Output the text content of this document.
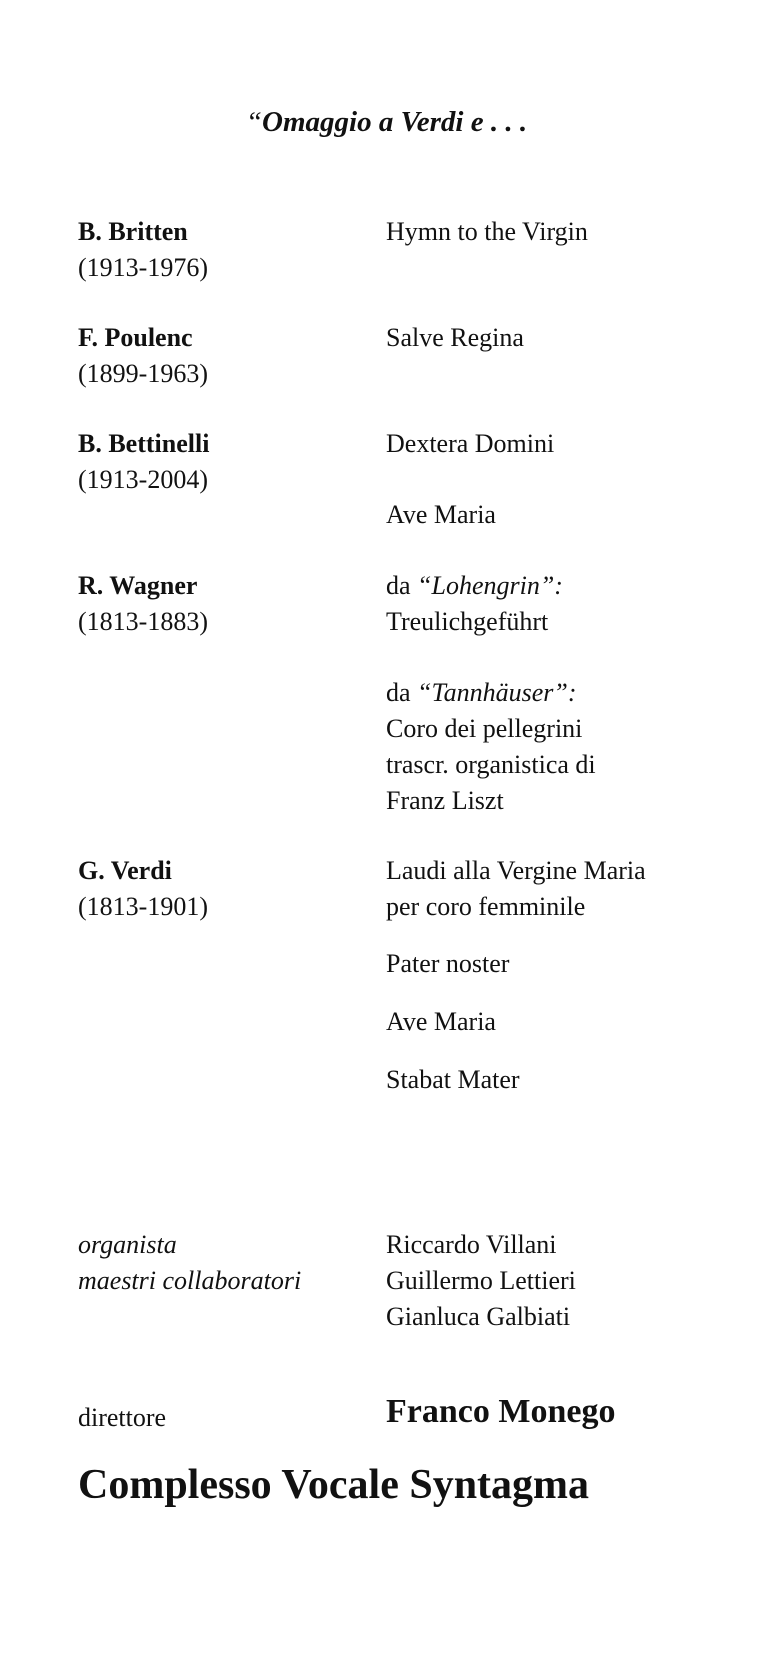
“Omaggio a Verdi e . . .
B. Britten
(1913-1976)
Hymn to the Virgin
F. Poulenc
(1899-1963)
Salve Regina
B. Bettinelli
(1913-2004)
Dextera Domini
Ave Maria
R. Wagner
(1813-1883)
da “Lohengrin”:
Treulichgeführt
da “Tannhäuser”:
Coro dei pellegrini
trascr. organistica di
Franz Liszt
G. Verdi
(1813-1901)
Laudi alla Vergine Maria
per coro femminile
Pater noster
Ave Maria
Stabat Mater
organista
maestri collaboratori
Riccardo Villani
Guillermo Lettieri
Gianluca Galbiati
direttore	Franco Monego
Complesso Vocale Syntagma
